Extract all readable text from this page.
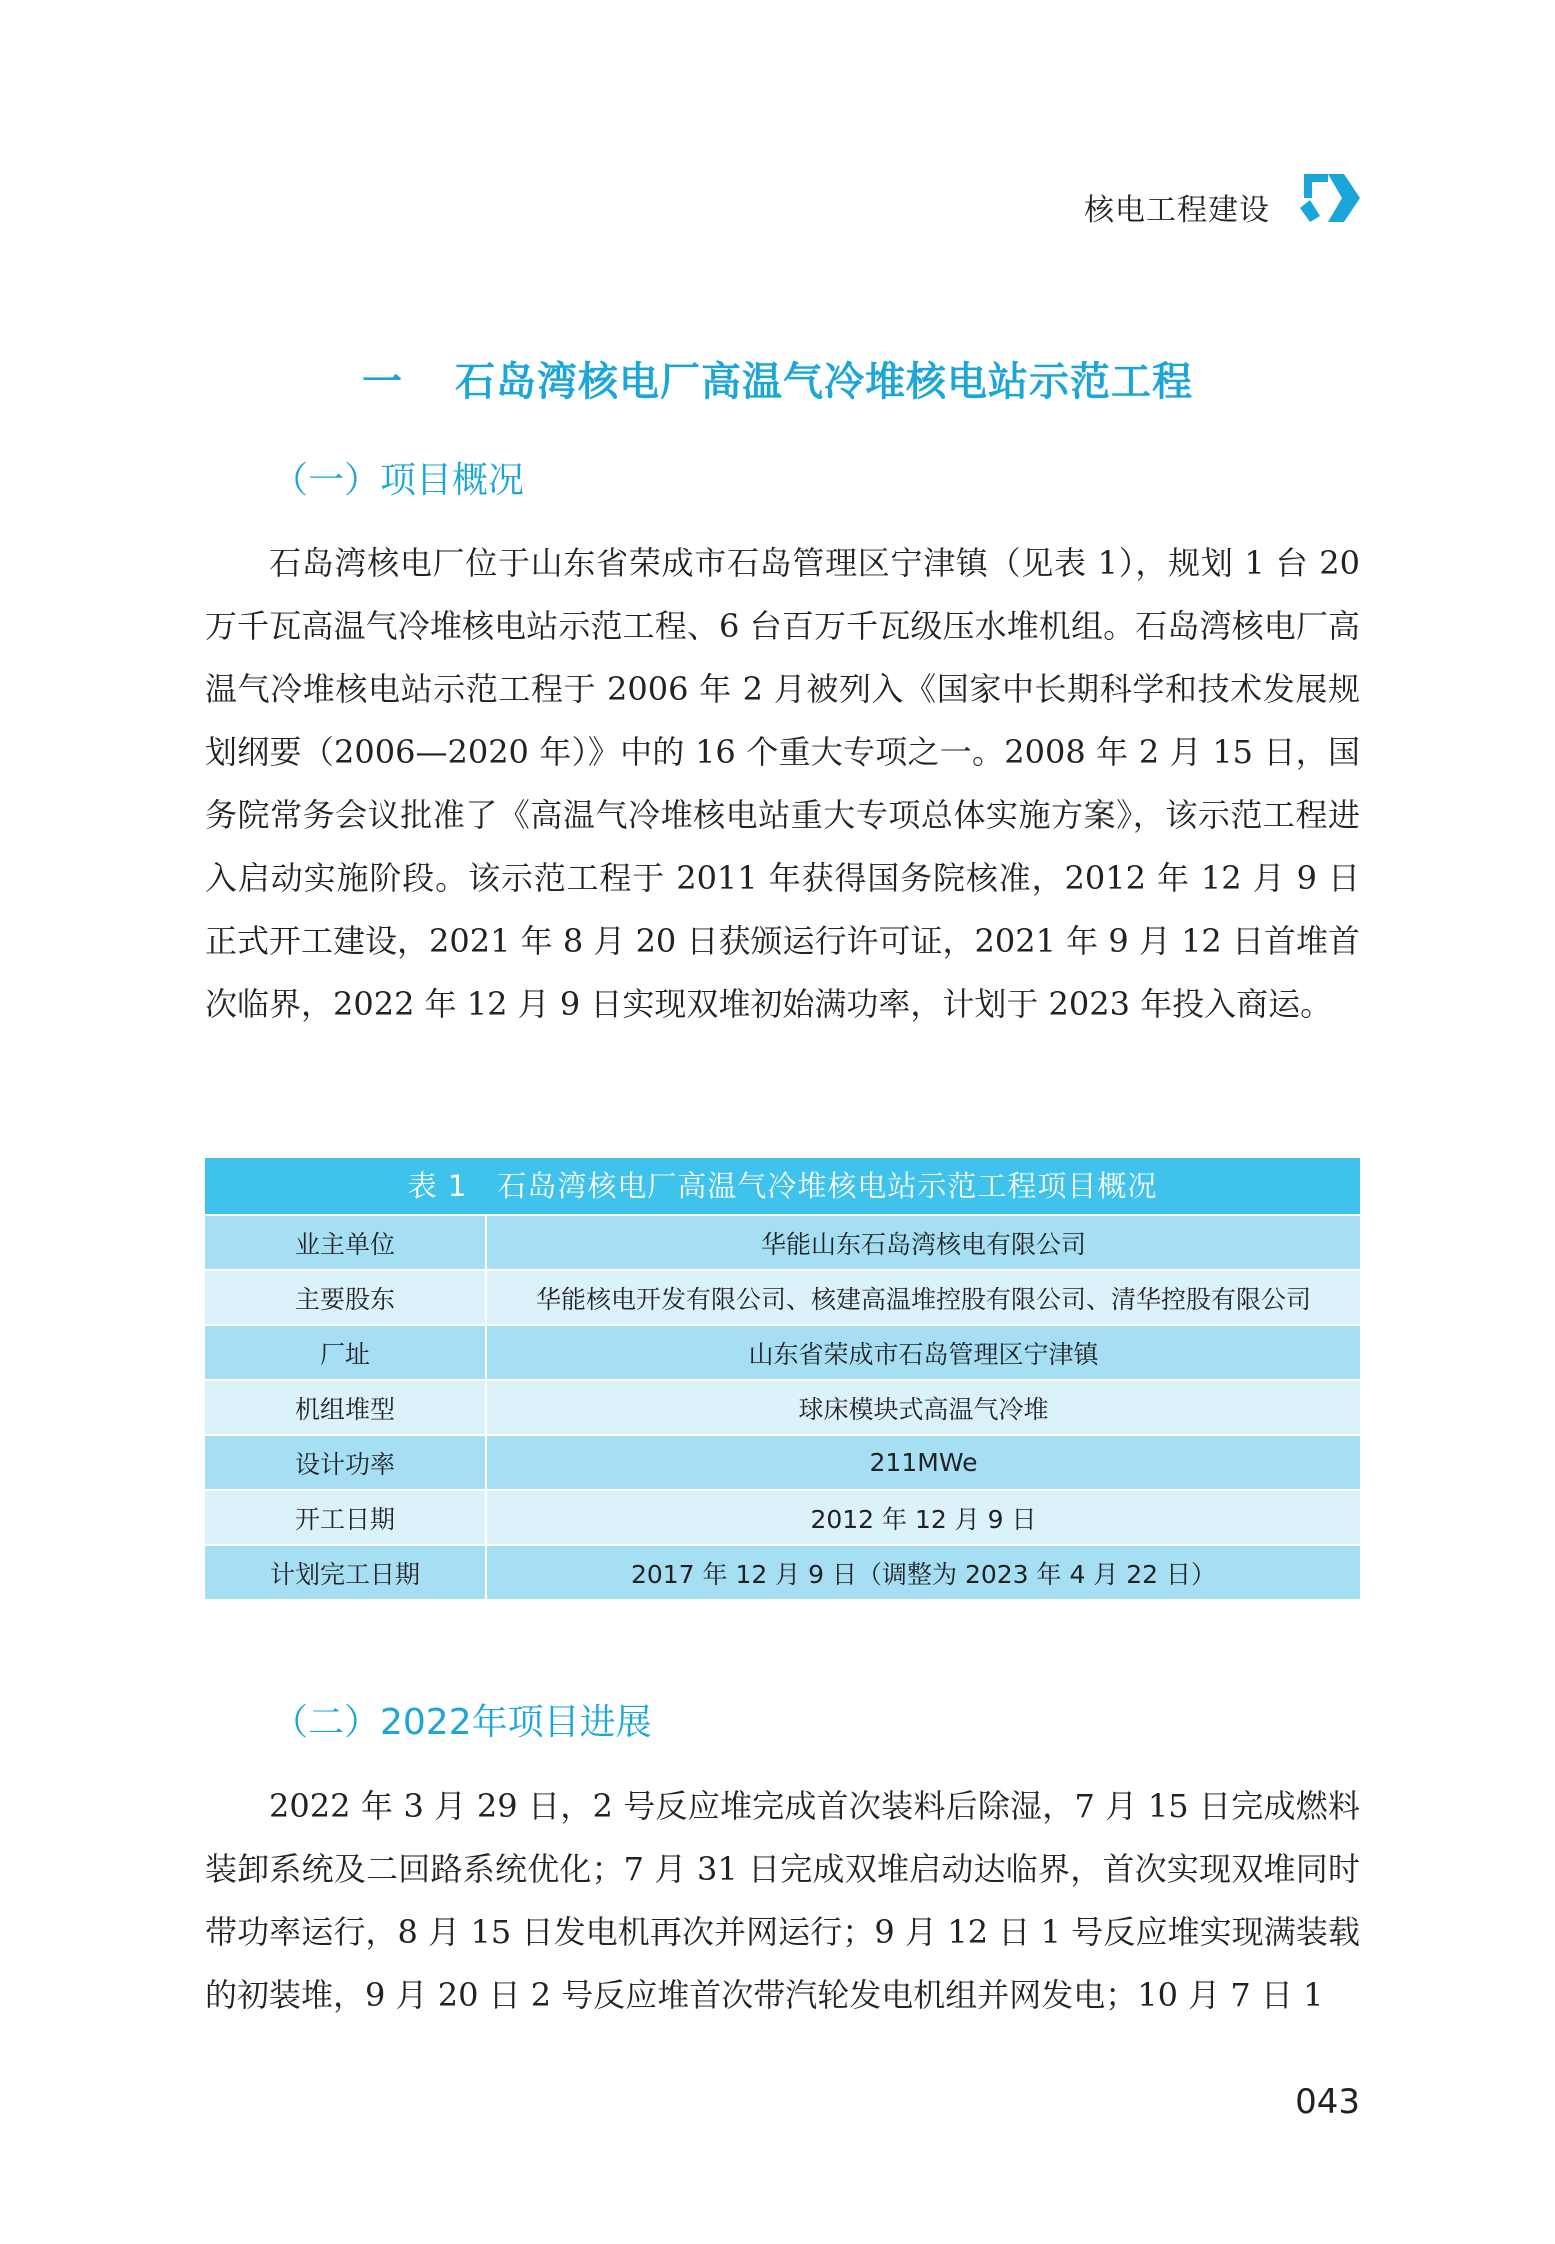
核电工程建设
一 石岛湾核电厂高温气冷堆核电站示范工程
（一）项目概况

石岛湾核电厂位于山东省荣成市石岛管理区宁津镇（见表 1），规划 1 台 20 万千瓦高温气冷堆核电站示范工程、6 台百万千瓦级压水堆机组。石岛湾核电厂高温气冷堆核电站示范工程于 2006 年 2 月被列入《国家中长期科学和技术发展规划纲要（2006—2020 年）》中的 16 个重大专项之一。2008 年 2 月 15 日，国务院常务会议批准了《高温气冷堆核电站重大专项总体实施方案》，该示范工程进入启动实施阶段。该示范工程于 2011 年获得国务院核准，2012 年 12 月 9 日正式开工建设，2021 年 8 月 20 日获颁运行许可证，2021 年 9 月 12 日首堆首次临界，2022 年 12 月 9 日实现双堆初始满功率，计划于 2023 年投入商运。

表 1　石岛湾核电厂高温气冷堆核电站示范工程项目概况
业主单位	华能山东石岛湾核电有限公司
主要股东	华能核电开发有限公司、核建高温堆控股有限公司、清华控股有限公司
厂址	山东省荣成市石岛管理区宁津镇
机组堆型	球床模块式高温气冷堆
设计功率	211MWe
开工日期	2012 年 12 月 9 日
计划完工日期	2017 年 12 月 9 日（调整为 2023 年 4 月 22 日）
（二）2022年项目进展

2022 年 3 月 29 日，2 号反应堆完成首次装料后除湿，7 月 15 日完成燃料装卸系统及二回路系统优化；7 月 31 日完成双堆启动达临界，首次实现双堆同时带功率运行，8 月 15 日发电机再次并网运行；9 月 12 日 1 号反应堆实现满装载的初装堆，9 月 20 日 2 号反应堆首次带汽轮发电机组并网发电；10 月 7 日 1

043
